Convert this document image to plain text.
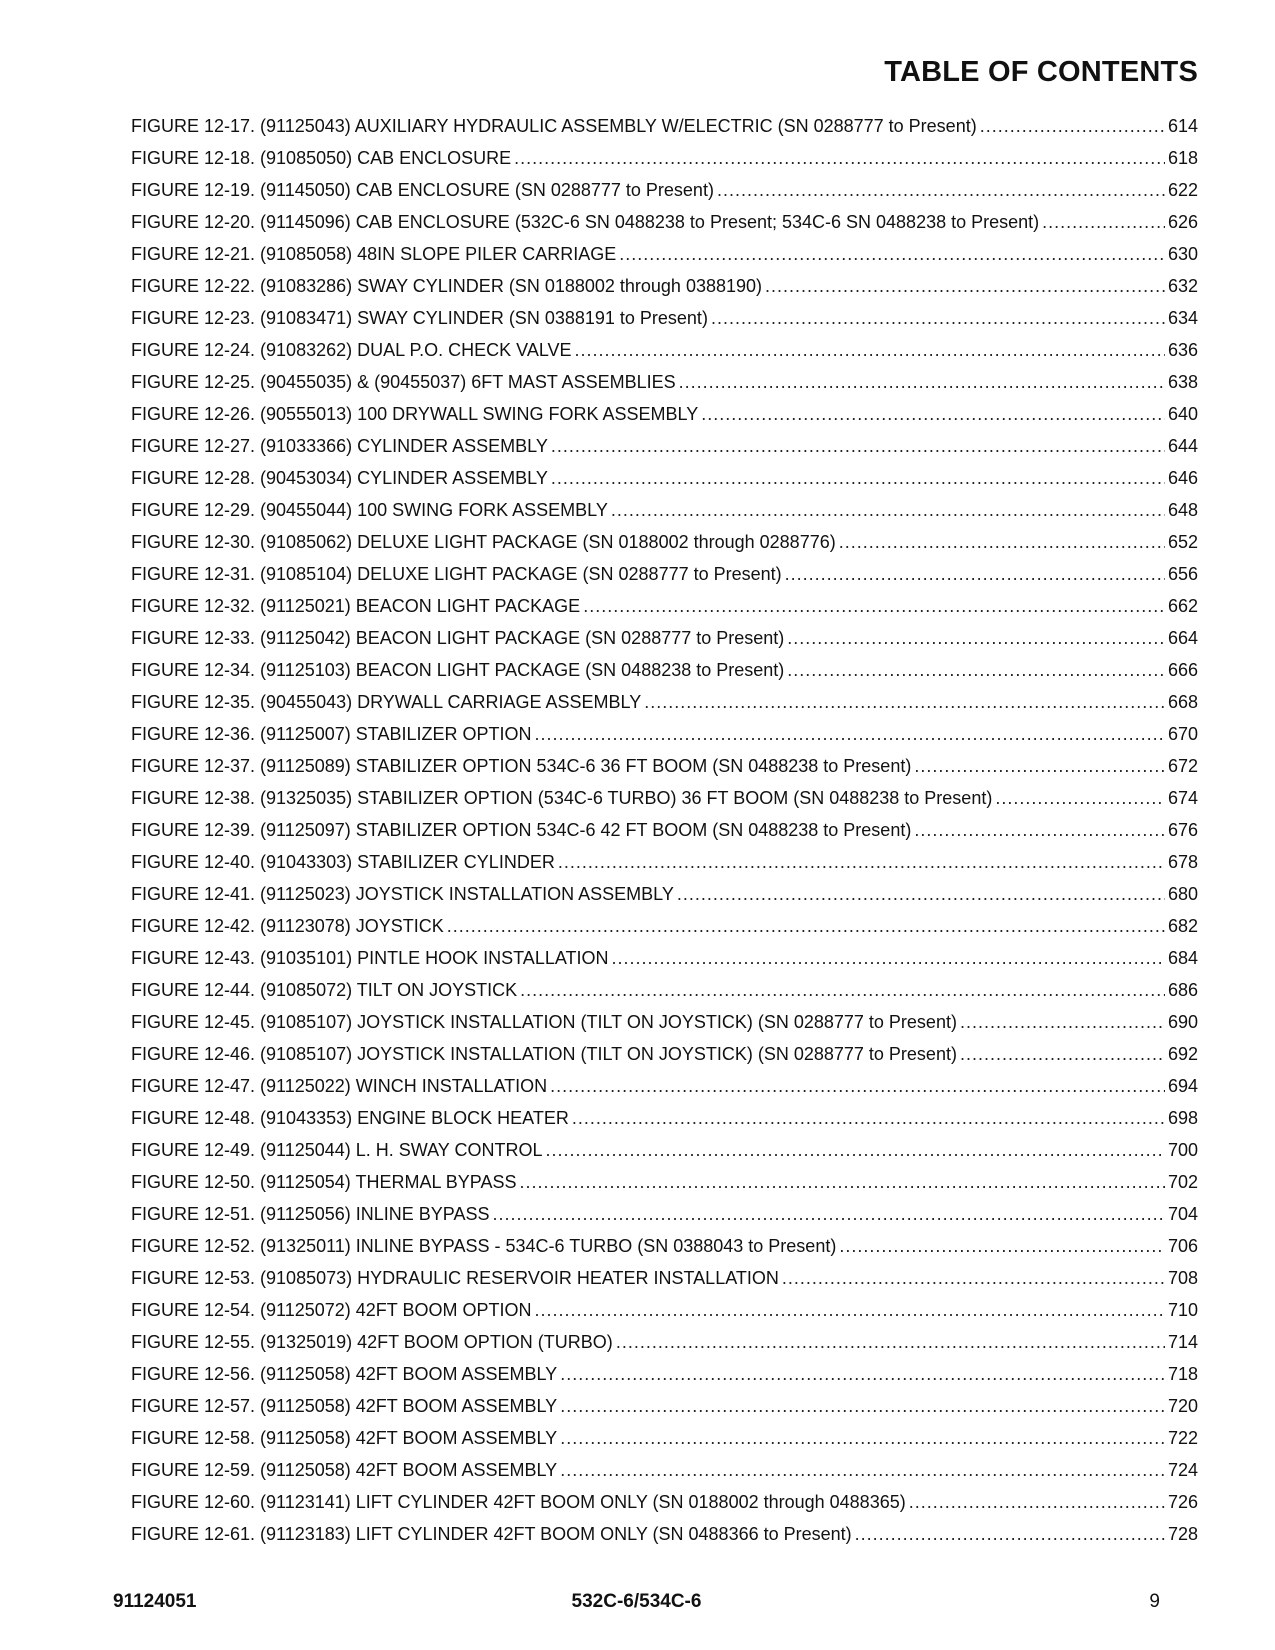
TABLE OF CONTENTS
FIGURE 12-17. (91125043) AUXILIARY HYDRAULIC ASSEMBLY W/ELECTRIC (SN 0288777 to Present) .....	614
FIGURE 12-18. (91085050) CAB ENCLOSURE .....	618
FIGURE 12-19. (91145050) CAB ENCLOSURE (SN 0288777 to Present) .....	622
FIGURE 12-20. (91145096) CAB ENCLOSURE (532C-6 SN 0488238 to Present; 534C-6 SN 0488238 to Present) .....	626
FIGURE 12-21. (91085058) 48IN SLOPE PILER CARRIAGE .....	630
FIGURE 12-22. (91083286) SWAY CYLINDER (SN 0188002 through 0388190) .....	632
FIGURE 12-23. (91083471) SWAY CYLINDER (SN 0388191 to Present) .....	634
FIGURE 12-24. (91083262) DUAL P.O. CHECK VALVE .....	636
FIGURE 12-25. (90455035) & (90455037) 6FT MAST ASSEMBLIES .....	638
FIGURE 12-26. (90555013) 100 DRYWALL SWING FORK ASSEMBLY .....	640
FIGURE 12-27. (91033366) CYLINDER ASSEMBLY .....	644
FIGURE 12-28. (90453034) CYLINDER ASSEMBLY .....	646
FIGURE 12-29. (90455044) 100 SWING FORK ASSEMBLY .....	648
FIGURE 12-30. (91085062) DELUXE LIGHT PACKAGE (SN 0188002 through 0288776) .....	652
FIGURE 12-31. (91085104) DELUXE LIGHT PACKAGE (SN 0288777 to Present) .....	656
FIGURE 12-32. (91125021) BEACON LIGHT PACKAGE .....	662
FIGURE 12-33. (91125042) BEACON LIGHT PACKAGE (SN 0288777 to Present) .....	664
FIGURE 12-34. (91125103) BEACON LIGHT PACKAGE (SN 0488238 to Present) .....	666
FIGURE 12-35. (90455043) DRYWALL CARRIAGE ASSEMBLY .....	668
FIGURE 12-36. (91125007) STABILIZER OPTION .....	670
FIGURE 12-37. (91125089) STABILIZER OPTION 534C-6 36 FT BOOM (SN 0488238 to Present) .....	672
FIGURE 12-38. (91325035) STABILIZER OPTION (534C-6 TURBO) 36 FT BOOM (SN 0488238 to Present) .....	674
FIGURE 12-39. (91125097) STABILIZER OPTION 534C-6 42 FT BOOM (SN 0488238 to Present) .....	676
FIGURE 12-40. (91043303) STABILIZER CYLINDER .....	678
FIGURE 12-41. (91125023) JOYSTICK INSTALLATION ASSEMBLY .....	680
FIGURE 12-42. (91123078) JOYSTICK .....	682
FIGURE 12-43. (91035101) PINTLE HOOK INSTALLATION .....	684
FIGURE 12-44. (91085072) TILT ON JOYSTICK .....	686
FIGURE 12-45. (91085107) JOYSTICK INSTALLATION (TILT ON JOYSTICK) (SN 0288777 to Present) .....	690
FIGURE 12-46. (91085107) JOYSTICK INSTALLATION (TILT ON JOYSTICK) (SN 0288777 to Present) .....	692
FIGURE 12-47. (91125022) WINCH INSTALLATION .....	694
FIGURE 12-48. (91043353) ENGINE BLOCK HEATER .....	698
FIGURE 12-49. (91125044) L. H. SWAY CONTROL .....	700
FIGURE 12-50. (91125054) THERMAL BYPASS .....	702
FIGURE 12-51. (91125056) INLINE BYPASS .....	704
FIGURE 12-52. (91325011) INLINE BYPASS - 534C-6 TURBO (SN 0388043 to Present) .....	706
FIGURE 12-53. (91085073) HYDRAULIC RESERVOIR HEATER INSTALLATION .....	708
FIGURE 12-54. (91125072) 42FT BOOM OPTION .....	710
FIGURE 12-55. (91325019) 42FT BOOM OPTION (TURBO) .....	714
FIGURE 12-56. (91125058) 42FT BOOM ASSEMBLY .....	718
FIGURE 12-57. (91125058) 42FT BOOM ASSEMBLY .....	720
FIGURE 12-58. (91125058) 42FT BOOM ASSEMBLY .....	722
FIGURE 12-59. (91125058) 42FT BOOM ASSEMBLY .....	724
FIGURE 12-60. (91123141) LIFT CYLINDER 42FT BOOM ONLY (SN 0188002 through 0488365) .....	726
FIGURE 12-61. (91123183) LIFT CYLINDER 42FT BOOM ONLY (SN 0488366 to Present) .....	728
532C-6/534C-6
91124051	9
